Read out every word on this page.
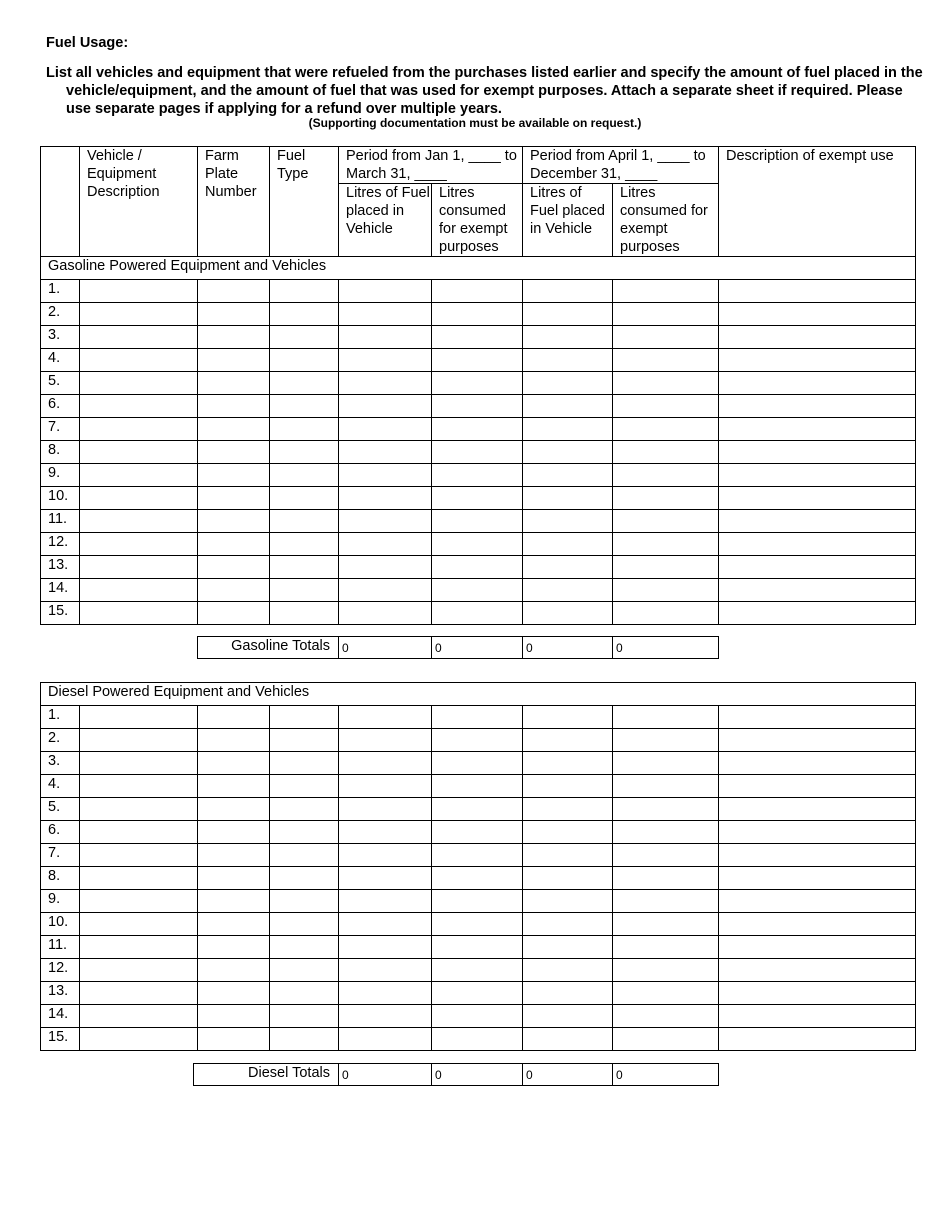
Fuel Usage:
List all vehicles and equipment that were refueled from the purchases listed earlier and specify the amount of fuel placed in the vehicle/equipment, and the amount of fuel that was used for exempt purposes. Attach a separate sheet if required. Please use separate pages if applying for a refund over multiple years.
(Supporting documentation must be available on request.)
	Vehicle / Equipment Description	Farm Plate Number	Fuel Type	Period from Jan 1, ____ to March 31, ____		Period from April 1, ____ to December 31, ____		Description of exempt use
				Litres of Fuel placed in Vehicle	Litres consumed for exempt purposes	Litres of Fuel placed in Vehicle	Litres consumed for exempt purposes	
Gasoline Powered Equipment and Vehicles								
1.								
2.								
3.								
4.								
5.								
6.								
7.								
8.								
9.								
10.								
11.								
12.								
13.								
14.								
15.								
Gasoline Totals	0	0	0	0
Diesel Powered Equipment and Vehicles								
1.								
2.								
3.								
4.								
5.								
6.								
7.								
8.								
9.								
10.								
11.								
12.								
13.								
14.								
15.								
Diesel Totals	0	0	0	0
